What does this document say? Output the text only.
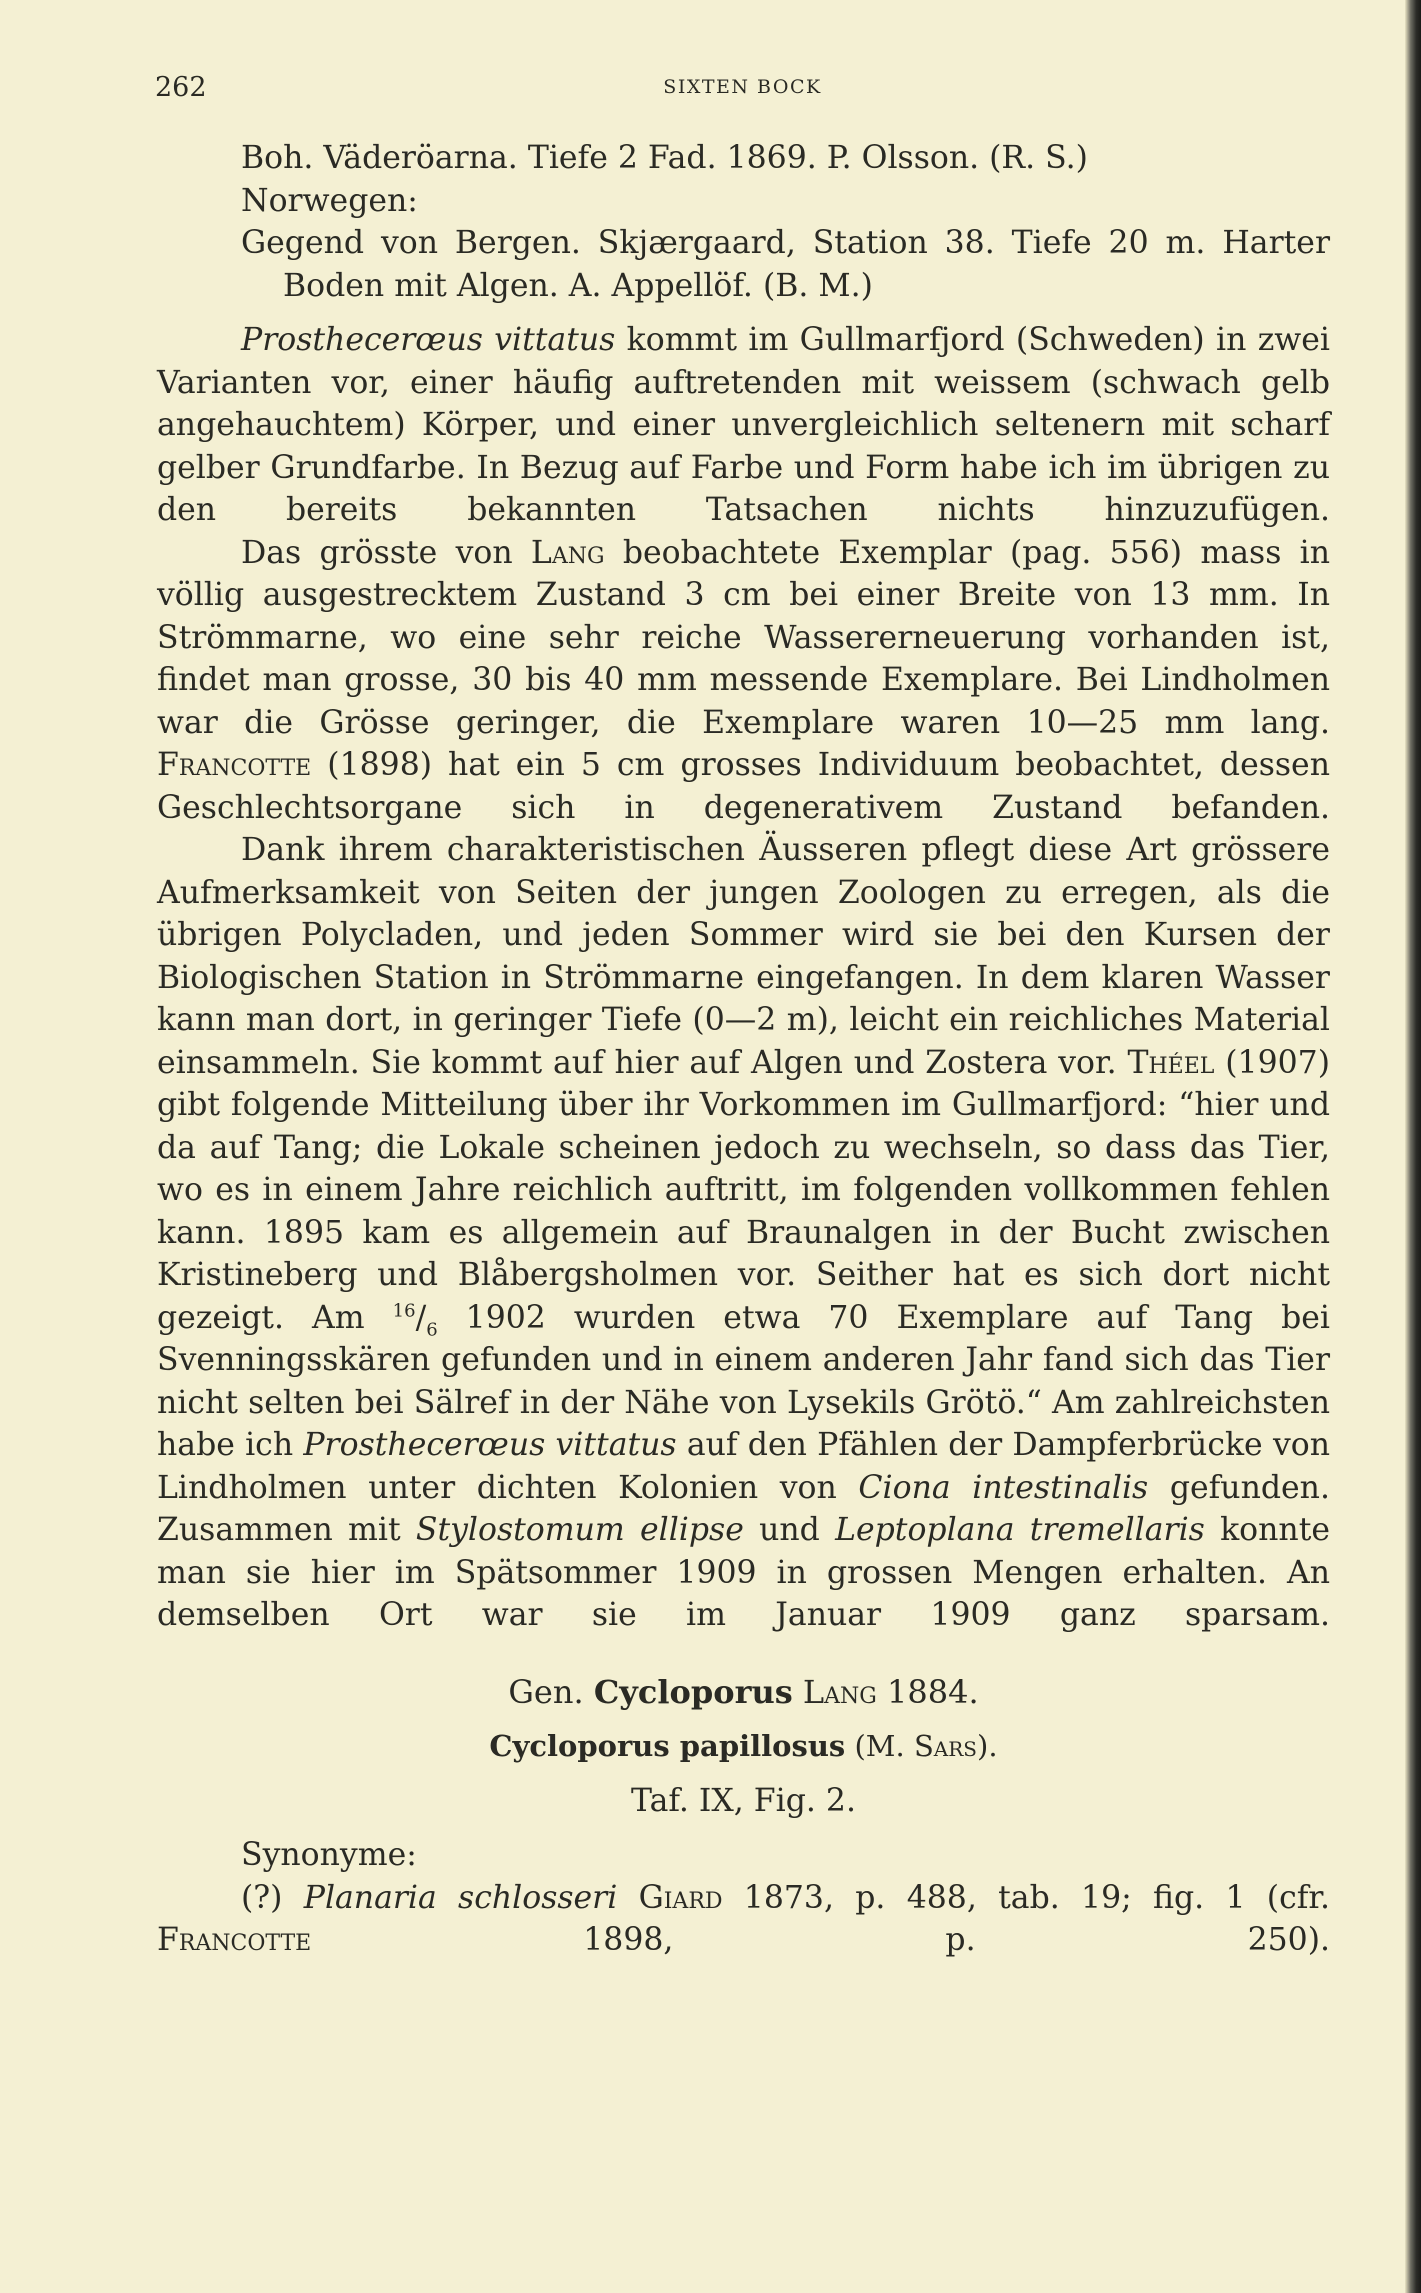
262	SIXTEN BOCK

Boh. Väderöarna. Tiefe 2 Fad. 1869. P. Olsson. (R. S.)

Norwegen:

Gegend von Bergen. Skjærgaard, Station 38. Tiefe 20 m. Harter

Boden mit Algen. A. Appellöf. (B. M.)

Prosthecerœus vittatus kommt im Gullmarfjord (Schweden) in zwei Varianten vor, einer häufig auftretenden mit weissem (schwach gelb angehauchtem) Körper, und einer unvergleichlich seltenern mit scharf gelber Grundfarbe. In Bezug auf Farbe und Form habe ich im übrigen zu den bereits bekannten Tatsachen nichts hinzuzufügen.

Das grösste von Lang beobachtete Exemplar (pag. 556) mass in völlig ausgestrecktem Zustand 3 cm bei einer Breite von 13 mm. In Strömmarne, wo eine sehr reiche Wassererneuerung vorhanden ist, findet man grosse, 30 bis 40 mm messende Exemplare. Bei Lindholmen war die Grösse geringer, die Exemplare waren 10—25 mm lang. Francotte (1898) hat ein 5 cm grosses Individuum beobachtet, dessen Geschlechtsorgane sich in degenerativem Zustand befanden.

Dank ihrem charakteristischen Äusseren pflegt diese Art grössere Aufmerksamkeit von Seiten der jungen Zoologen zu erregen, als die übrigen Polycladen, und jeden Sommer wird sie bei den Kursen der Biologischen Station in Strömmarne eingefangen. In dem klaren Wasser kann man dort, in geringer Tiefe (0—2 m), leicht ein reichliches Material einsammeln. Sie kommt auf hier auf Algen und Zostera vor. Théel (1907) gibt folgende Mitteilung über ihr Vorkommen im Gullmarfjord: “hier und da auf Tang; die Lokale scheinen jedoch zu wechseln, so dass das Tier, wo es in einem Jahre reichlich auftritt, im folgenden vollkommen fehlen kann. 1895 kam es allgemein auf Braunalgen in der Bucht zwischen Kristineberg und Blåbergsholmen vor. Seither hat es sich dort nicht gezeigt. Am $^{16}/_6$ 1902 wurden etwa 70 Exemplare auf Tang bei Svenningsskären gefunden und in einem anderen Jahr fand sich das Tier nicht selten bei Sälref in der Nähe von Lysekils Grötö.“ Am zahlreichsten habe ich Prosthecerœus vittatus auf den Pfählen der Dampferbrücke von Lindholmen unter dichten Kolonien von Ciona intestinalis gefunden. Zusammen mit Stylostomum ellipse und Leptoplana tremellaris konnte man sie hier im Spätsommer 1909 in grossen Mengen erhalten. An demselben Ort war sie im Januar 1909 ganz sparsam.

Gen. Cycloporus Lang 1884.

Cycloporus papillosus (M. Sars).

Taf. IX, Fig. 2.

Synonyme:

(?) Planaria schlosseri Giard 1873, p. 488, tab. 19; fig. 1 (cfr. Francotte 1898, p. 250).
